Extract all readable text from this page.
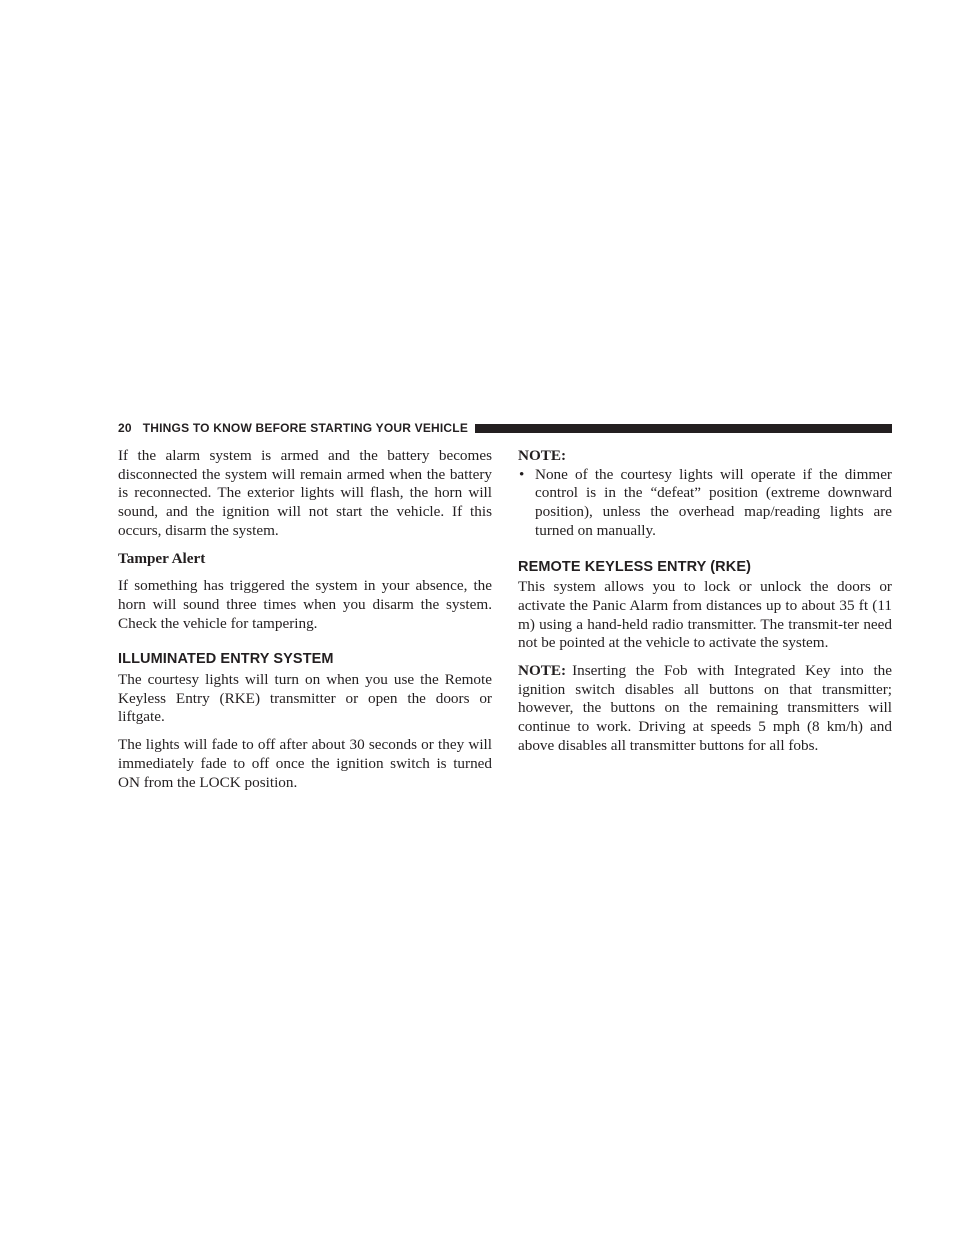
20 THINGS TO KNOW BEFORE STARTING YOUR VEHICLE

If the alarm system is armed and the battery becomes disconnected the system will remain armed when the battery is reconnected. The exterior lights will flash, the horn will sound, and the ignition will not start the vehicle. If this occurs, disarm the system.

Tamper Alert

If something has triggered the system in your absence, the horn will sound three times when you disarm the system. Check the vehicle for tampering.

ILLUMINATED ENTRY SYSTEM

The courtesy lights will turn on when you use the Remote Keyless Entry (RKE) transmitter or open the doors or liftgate.

The lights will fade to off after about 30 seconds or they will immediately fade to off once the ignition switch is turned ON from the LOCK position.

NOTE:

• None of the courtesy lights will operate if the dimmer control is in the “defeat” position (extreme downward position), unless the overhead map/reading lights are turned on manually.
REMOTE KEYLESS ENTRY (RKE)

This system allows you to lock or unlock the doors or activate the Panic Alarm from distances up to about 35 ft (11 m) using a hand-held radio transmitter. The transmit-ter need not be pointed at the vehicle to activate the system.

NOTE: Inserting the Fob with Integrated Key into the ignition switch disables all buttons on that transmitter; however, the buttons on the remaining transmitters will continue to work. Driving at speeds 5 mph (8 km/h) and above disables all transmitter buttons for all fobs.
